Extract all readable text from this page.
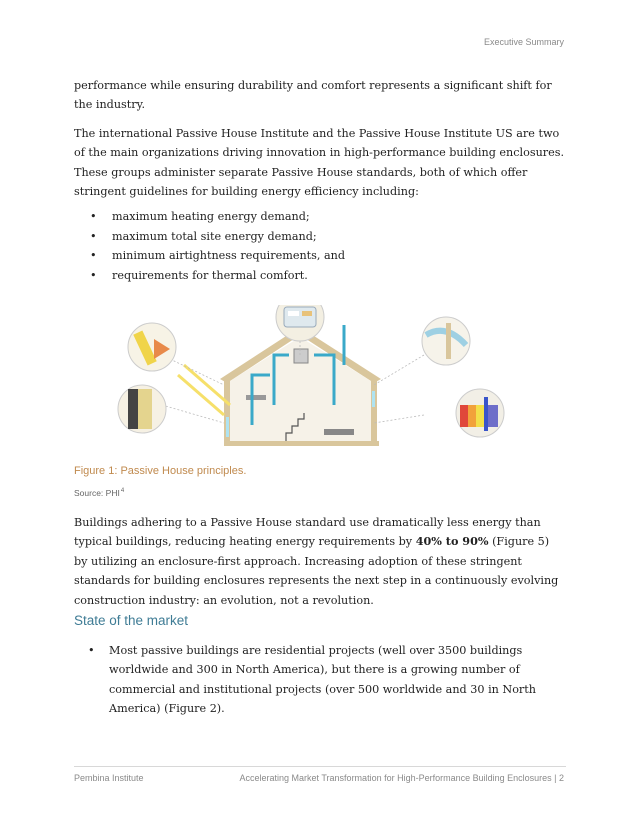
Executive Summary

performance while ensuring durability and comfort represents a significant shift for the industry.

The international Passive House Institute and the Passive House Institute US are two of the main organizations driving innovation in high-performance building enclosures. These groups administer separate Passive House standards, both of which offer stringent guidelines for building energy efficiency including:

• maximum heating energy demand;
• maximum total site energy demand;
• minimum airtightness requirements, and
• requirements for thermal comfort.
Figure 1: Passive House principles.
Source: PHI$^4$

Buildings adhering to a Passive House standard use dramatically less energy than typical buildings, reducing heating energy requirements by 40% to 90% (Figure 5) by utilizing an enclosure-first approach. Increasing adoption of these stringent standards for building enclosures represents the next step in a continuously evolving construction industry: an evolution, not a revolution.

State of the market
• Most passive buildings are residential projects (well over 3500 buildings worldwide and 300 in North America), but there is a growing number of commercial and institutional projects (over 500 worldwide and 30 in North America) (Figure 2).
Pembina Institute	Accelerating Market Transformation for High-Performance Building Enclosures | 2
